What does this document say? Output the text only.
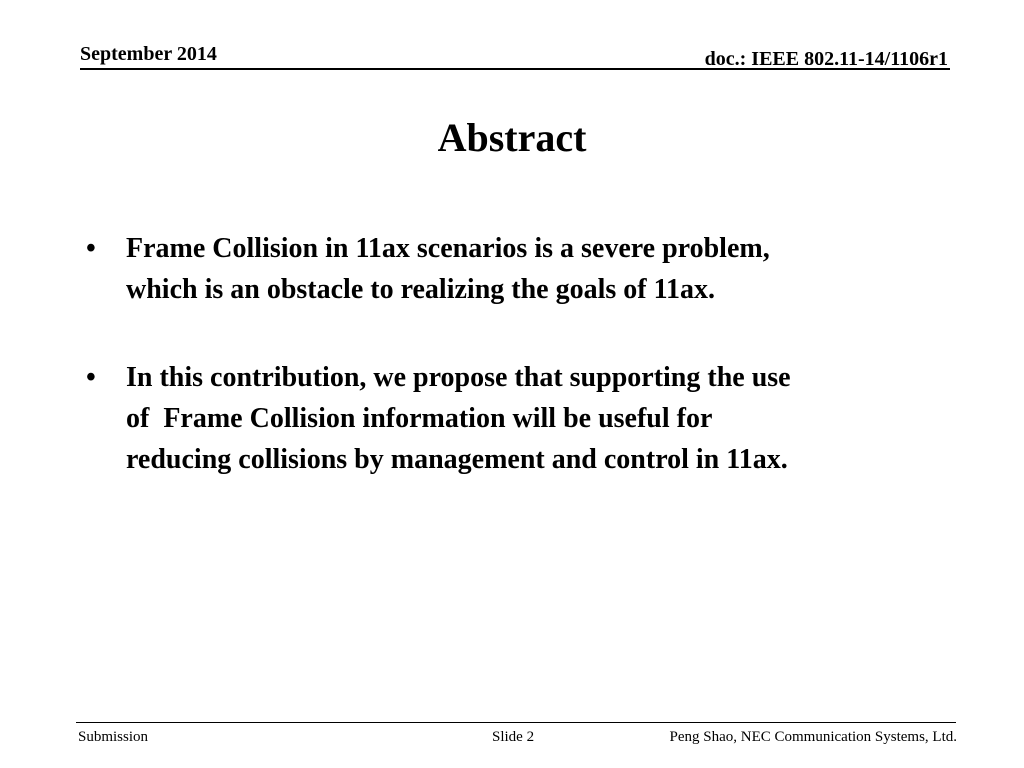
September 2014	doc.: IEEE 802.11-14/1106r1
Abstract
• Frame Collision in 11ax scenarios is a severe problem,
which is an obstacle to realizing the goals of 11ax.
• In this contribution, we propose that supporting the use
of  Frame Collision information will be useful for
reducing collisions by management and control in 11ax.
Submission	Slide 2	Peng Shao, NEC Communication Systems, Ltd.
